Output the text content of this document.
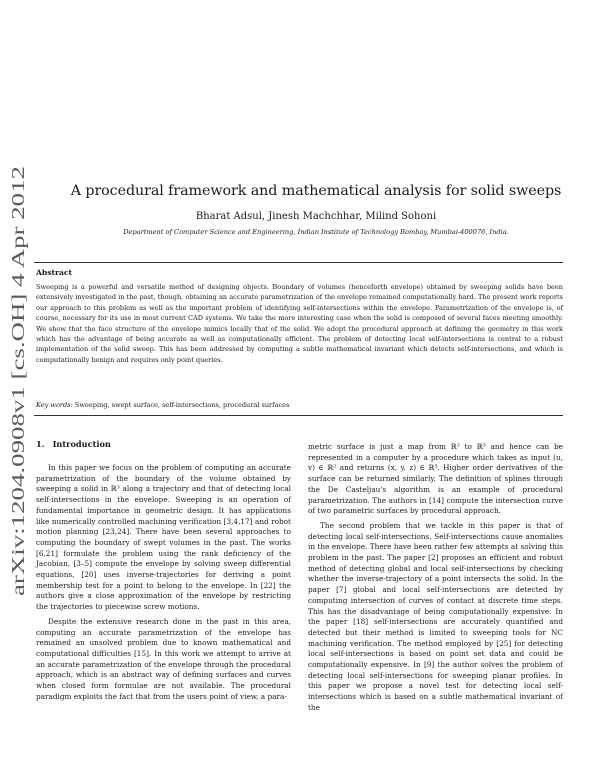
arXiv:1204.0908v1 [cs.OH] 4 Apr 2012
A procedural framework and mathematical analysis for solid sweeps
Bharat Adsul, Jinesh Machchhar, Milind Sohoni
Department of Computer Science and Engineering, Indian Institute of Technology Bombay, Mumbai-400076, India.
Abstract
Sweeping is a powerful and versatile method of designing objects. Boundary of volumes (henceforth envelope) obtained by sweeping solids have been extensively investigated in the past, though, obtaining an accurate parametrization of the envelope remained computationally hard. The present work reports our approach to this problem as well as the important problem of identifying self-intersections within the envelope. Parametrization of the envelope is, of course, necessary for its use in most current CAD systems. We take the more interesting case when the solid is composed of several faces meeting smoothly. We show that the face structure of the envelope mimics locally that of the solid. We adopt the procedural approach at defining the geometry in this work which has the advantage of being accurate as well as computationally efficient. The problem of detecting local self-intersections is central to a robust implementation of the solid sweep. This has been addressed by computing a subtle mathematical invariant which detects self-intersections, and which is computationally benign and requires only point queries.
Key words: Sweeping, swept surface, self-intersections, procedural surfaces
1. Introduction

In this paper we focus on the problem of computing an accurate parametrization of the boundary of the volume obtained by sweeping a solid in ℝ³ along a trajectory and that of detecting local self-intersections in the envelope. Sweeping is an operation of fundamental importance in geometric design. It has applications like numerically controlled machining verification [3,4,17] and robot motion planning [23,24]. There have been several approaches to computing the boundary of swept volumes in the past. The works [6,21] formulate the problem using the rank deficiency of the Jacobian, [3–5] compute the envelope by solving sweep differential equations, [20] uses inverse-trajectories for deriving a point membership test for a point to belong to the envelope. In [22] the authors give a close approximation of the envelope by restricting the trajectories to piecewise screw motions.

Despite the extensive research done in the past in this area, computing an accurate parametrization of the envelope has remained an unsolved problem due to known mathematical and computational difficulties [15]. In this work we attempt to arrive at an accurate parametrization of the envelope through the procedural approach, which is an abstract way of defining surfaces and curves when closed form formulae are not available. The procedural paradigm exploits the fact that from the users point of view, a para-

metric surface is just a map from ℝ² to ℝ³ and hence can be represented in a computer by a procedure which takes as input (u, v) ∈ ℝ² and returns (x, y, z) ∈ ℝ³. Higher order derivatives of the surface can be returned similarly. The definition of splines through the De Casteljau's algorithm is an example of procedural parametrization. The authors in [14] compute the intersection curve of two parametric surfaces by procedural approach.

The second problem that we tackle in this paper is that of detecting local self-intersections. Self-intersections cause anomalies in the envelope. There have been rather few attempts at solving this problem in the past. The paper [2] proposes an efficient and robust method of detecting global and local self-intersections by checking whether the inverse-trajectory of a point intersects the solid. In the paper [7] global and local self-intersections are detected by computing intersection of curves of contact at discrete time steps. This has the disadvantage of being computationally expensive. In the paper [18] self-intersections are accurately quantified and detected but their method is limited to sweeping tools for NC machining verification. The method employed by [25] for detecting local self-intersections is based on point set data and could be computationally expensive. In [9] the author solves the problem of detecting local self-intersections for sweeping planar profiles. In this paper we propose a novel test for detecting local self-intersections which is based on a subtle mathematical invariant of the
